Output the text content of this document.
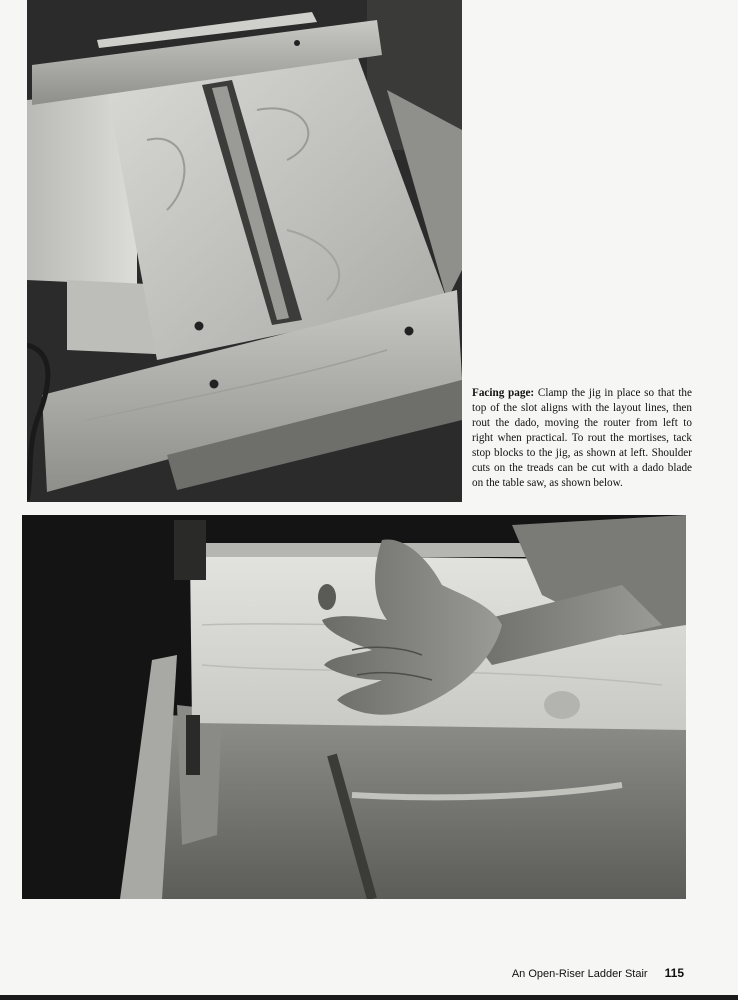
Facing page: Clamp the jig in place so that the top of the slot aligns with the layout lines, then rout the dado, moving the router from left to right when practical. To rout the mortises, tack stop blocks to the jig, as shown at left. Shoulder cuts on the treads can be cut with a dado blade on the table saw, as shown below.

An Open-Riser Ladder Stair 115
